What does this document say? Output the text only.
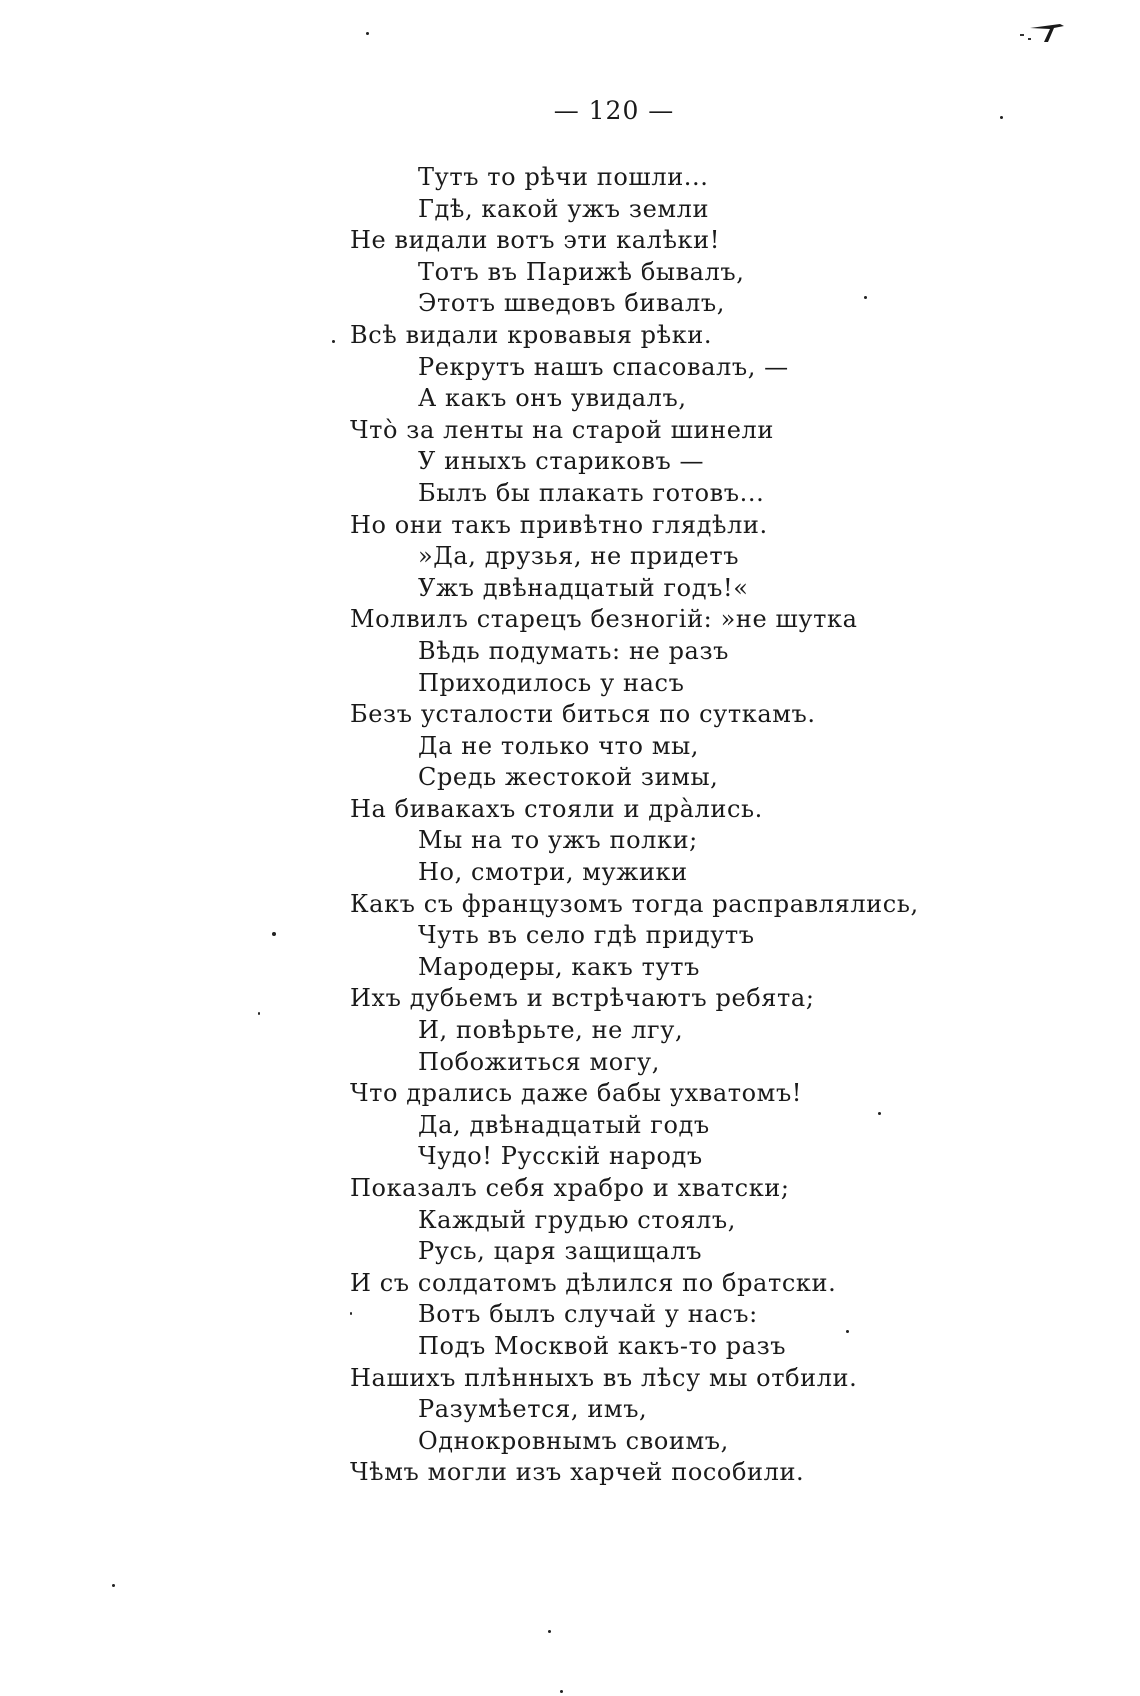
— 120 —
Тутъ то рѣчи пошли...
Гдѣ, какой ужъ земли
Не видали вотъ эти калѣки!
Тотъ въ Парижѣ бывалъ,
Этотъ шведовъ бивалъ,
Всѣ видали кровавыя рѣки.
Рекрутъ нашъ спасовалъ, —
А какъ онъ увидалъ,
Чтò за ленты на старой шинели
У иныхъ стариковъ —
Былъ бы плакать готовъ...
Но они такъ привѣтно глядѣли.
»Да, друзья, не придетъ
Ужъ двѣнадцатый годъ!«
Молвилъ старецъ безногій: »не шутка
Вѣдь подумать: не разъ
Приходилось у насъ
Безъ усталости биться по суткамъ.
Да не только что мы,
Средь жестокой зимы,
На бивакахъ стояли и дрàлись.
Мы на то ужъ полки;
Но, смотри, мужики
Какъ съ французомъ тогда расправлялись,
Чуть въ село гдѣ придутъ
Мародеры, какъ тутъ
Ихъ дубьемъ и встрѣчаютъ ребята;
И, повѣрьте, не лгу,
Побожиться могу,
Что дрались даже бабы ухватомъ!
Да, двѣнадцатый годъ
Чудо! Русскій народъ
Показалъ себя храбро и хватски;
Каждый грудью стоялъ,
Русь, царя защищалъ
И съ солдатомъ дѣлился по братски.
Вотъ былъ случай у насъ:
Подъ Москвой какъ-то разъ
Нашихъ плѣнныхъ въ лѣсу мы отбили.
Разумѣется, имъ,
Однокровнымъ своимъ,
Чѣмъ могли изъ харчей пособили.
